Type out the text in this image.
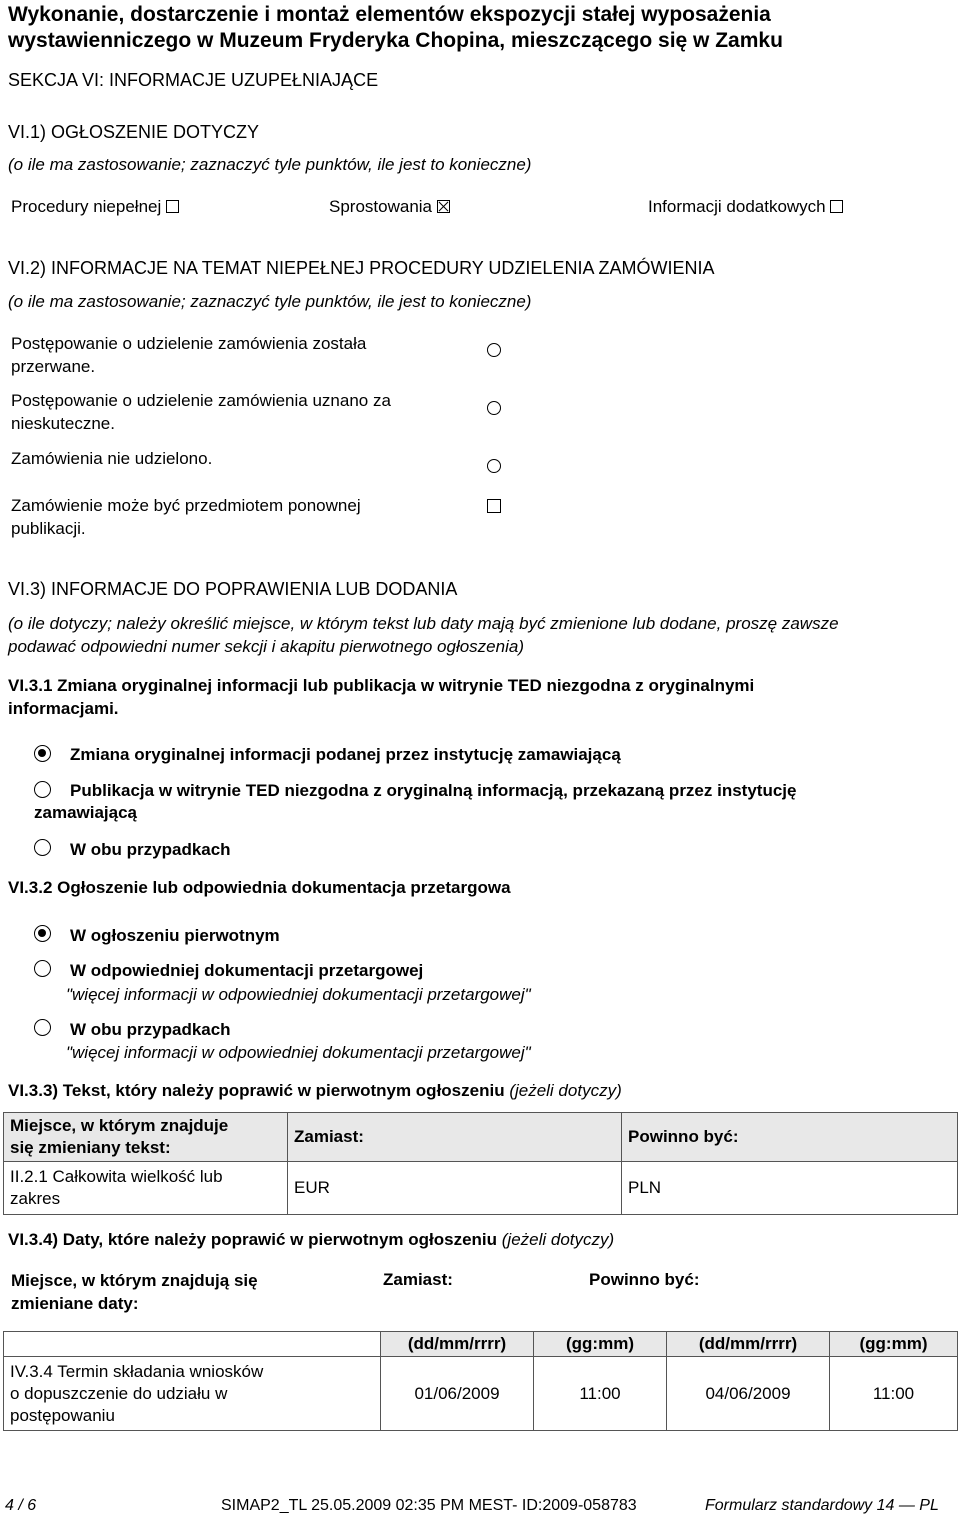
Wykonanie, dostarczenie i montaż elementów ekspozycji stałej wyposażenia
wystawienniczego w Muzeum Fryderyka Chopina, mieszczącego się w Zamku
SEKCJA VI: INFORMACJE UZUPEŁNIAJĄCE
VI.1) OGŁOSZENIE DOTYCZY
(o ile ma zastosowanie; zaznaczyć tyle punktów, ile jest to konieczne)
Procedury niepełnej	Sprostowania	Informacji dodatkowych
VI.2) INFORMACJE NA TEMAT NIEPEŁNEJ PROCEDURY UDZIELENIA ZAMÓWIENIA
(o ile ma zastosowanie; zaznaczyć tyle punktów, ile jest to konieczne)
Postępowanie o udzielenie zamówienia została
przerwane.
Postępowanie o udzielenie zamówienia uznano za
nieskuteczne.
Zamówienia nie udzielono.
Zamówienie może być przedmiotem ponownej
publikacji.
VI.3) INFORMACJE DO POPRAWIENIA LUB DODANIA
(o ile dotyczy; należy określić miejsce, w którym tekst lub daty mają być zmienione lub dodane, proszę zawsze
podawać odpowiedni numer sekcji i akapitu pierwotnego ogłoszenia)
VI.3.1 Zmiana oryginalnej informacji lub publikacja w witrynie TED niezgodna z oryginalnymi
informacjami.
Zmiana oryginalnej informacji podanej przez instytucję zamawiającą
Publikacja w witrynie TED niezgodna z oryginalną informacją, przekazaną przez instytucję
zamawiającą
W obu przypadkach
VI.3.2 Ogłoszenie lub odpowiednia dokumentacja przetargowa
W ogłoszeniu pierwotnym
W odpowiedniej dokumentacji przetargowej
"więcej informacji w odpowiedniej dokumentacji przetargowej"
W obu przypadkach
"więcej informacji w odpowiedniej dokumentacji przetargowej"
VI.3.3) Tekst, który należy poprawić w pierwotnym ogłoszeniu (jeżeli dotyczy)
Miejsce, w którym znajduje
się zmieniany tekst:	Zamiast:	Powinno być:

II.2.1 Całkowita wielkość lub
zakres	EUR	PLN
VI.3.4) Daty, które należy poprawić w pierwotnym ogłoszeniu (jeżeli dotyczy)
Miejsce, w którym znajdują się
zmieniane daty:
Zamiast:	Powinno być:
	(dd/mm/rrrr)	(gg:mm)	(dd/mm/rrrr)	(gg:mm)

IV.3.4 Termin składania wniosków
o dopuszczenie do udziału w
postępowaniu	01/06/2009	11:00	04/06/2009	11:00
4 / 6	SIMAP2_TL 25.05.2009 02:35 PM MEST- ID:2009-058783	Formularz standardowy 14 — PL
